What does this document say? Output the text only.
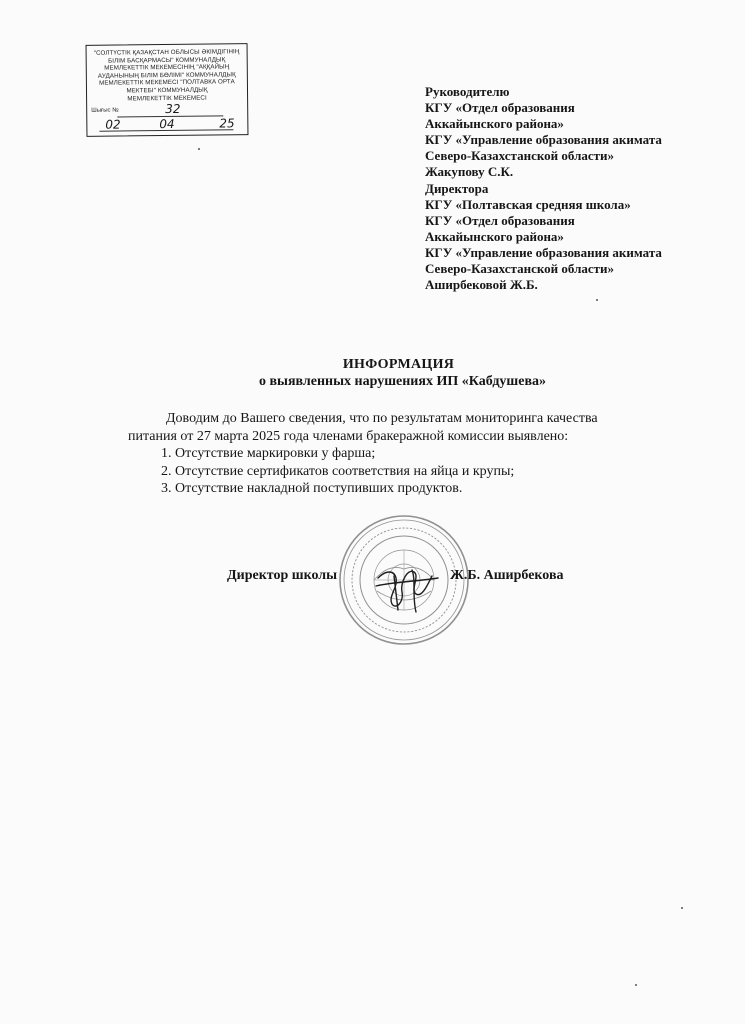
"СОЛТҮСТІК ҚАЗАҚСТАН ОБЛЫСЫ ӘКІМДІГІНІҢ
БІЛІМ БАСҚАРМАСЫ" КОММУНАЛДЫҚ
МЕМЛЕКЕТТІК МЕКЕМЕСІНІҢ "АҚҚАЙЫҢ
АУДАНЫНЫҢ БІЛІМ БӨЛІМІ" КОММУНАЛДЫҚ
МЕМЛЕКЕТТІК МЕКЕМЕСІ "ПОЛТАВКА ОРТА
МЕКТЕБІ" КОММУНАЛДЫҚ
МЕМЛЕКЕТТІК МЕКЕМЕСІ
Шығыс №	32
02	04	25
Руководителю
КГУ «Отдел образования
Аккайынского района»
КГУ «Управление образования акимата
Северо-Казахстанской области»
Жакупову С.К.
Директора
КГУ «Полтавская средняя школа»
КГУ «Отдел образования
Аккайынского района»
КГУ «Управление образования акимата
Северо-Казахстанской области»
Аширбековой Ж.Б.
ИНФОРМАЦИЯ
о выявленных нарушениях ИП «Кабдушева»
Доводим до Вашего сведения, что по результатам мониторинга качества
питания от 27 марта 2025 года членами бракеражной комиссии выявлено:
1. Отсутствие маркировки у фарша;
2. Отсутствие сертификатов соответствия на яйца и крупы;
3. Отсутствие накладной поступивших продуктов.
Директор школы	Ж.Б. Аширбекова
